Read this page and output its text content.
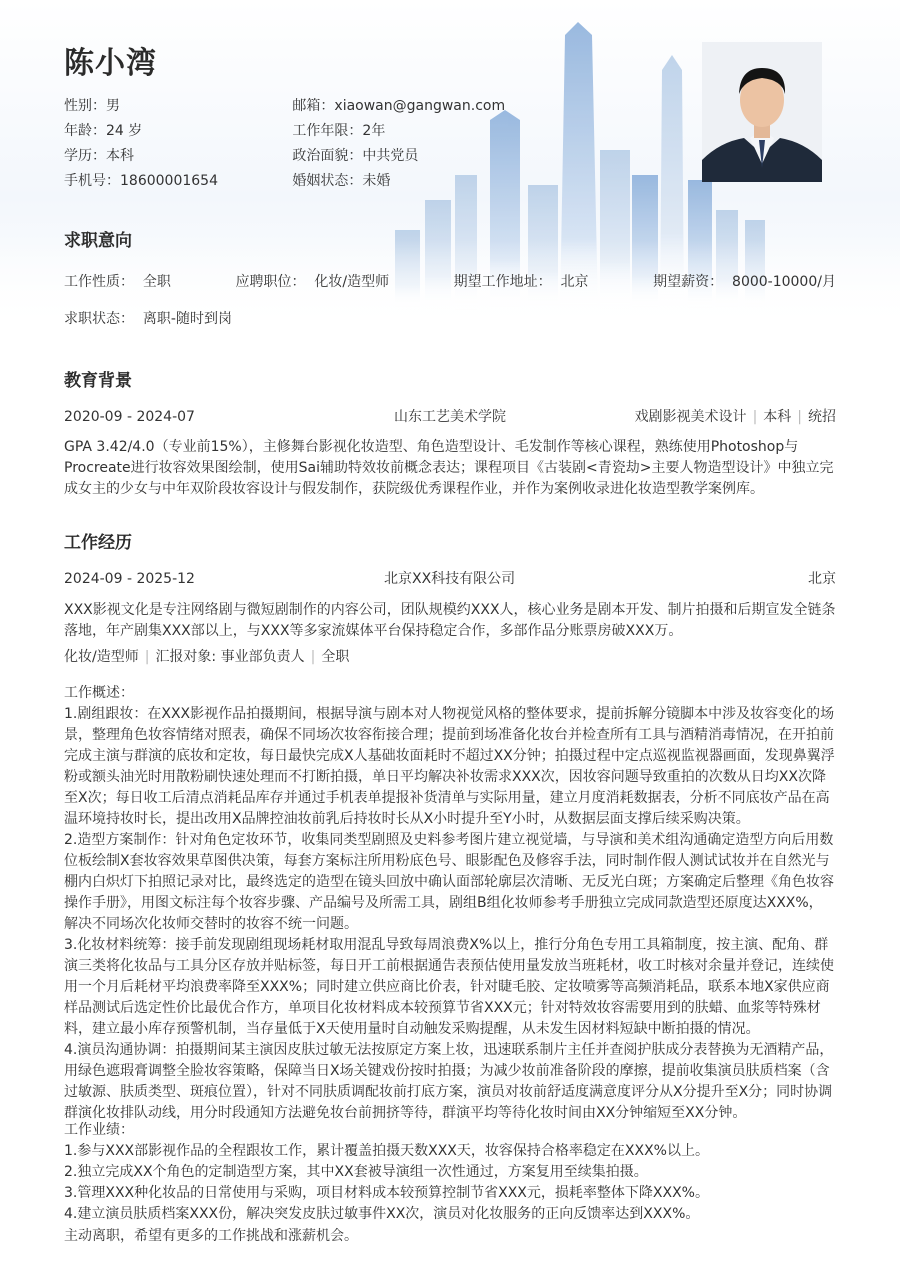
陈小湾
性别：男	邮箱：xiaowan@gangwan.com
年龄：24 岁	工作年限：2年
学历：本科	政治面貌：中共党员
手机号：18600001654	婚姻状态：未婚
求职意向
工作性质： 全职	应聘职位： 化妆/造型师	期望工作地址： 北京	期望薪资： 8000-10000/月
求职状态： 离职-随时到岗
教育背景
2020-09 - 2024-07	山东工艺美术学院	戏剧影视美术设计 | 本科 | 统招
GPA 3.42/4.0（专业前15%），主修舞台影视化妆造型、角色造型设计、毛发制作等核心课程，熟练使用Photoshop与Procreate进行妆容效果图绘制，使用Sai辅助特效妆前概念表达；课程项目《古装剧<青瓷劫>主要人物造型设计》中独立完成女主的少女与中年双阶段妆容设计与假发制作，获院级优秀课程作业，并作为案例收录进化妆造型教学案例库。
工作经历
2024-09 - 2025-12	北京XX科技有限公司	北京
XXX影视文化是专注网络剧与微短剧制作的内容公司，团队规模约XXX人，核心业务是剧本开发、制片拍摄和后期宣发全链条落地，年产剧集XXX部以上，与XXX等多家流媒体平台保持稳定合作，多部作品分账票房破XXX万。
化妆/造型师 | 汇报对象: 事业部负责人 | 全职
工作概述：
1.剧组跟妆：在XXX影视作品拍摄期间，根据导演与剧本对人物视觉风格的整体要求，提前拆解分镜脚本中涉及妆容变化的场景，整理角色妆容情绪对照表，确保不同场次妆容衔接合理；提前到场准备化妆台并检查所有工具与酒精消毒情况，在开拍前完成主演与群演的底妆和定妆，每日最快完成X人基础妆面耗时不超过XX分钟；拍摄过程中定点巡视监视器画面，发现鼻翼浮粉或额头油光时用散粉刷快速处理而不打断拍摄，单日平均解决补妆需求XXX次，因妆容问题导致重拍的次数从日均XX次降至X次；每日收工后清点消耗品库存并通过手机表单提报补货清单与实际用量，建立月度消耗数据表，分析不同底妆产品在高温环境持妆时长，提出改用X品牌控油妆前乳后持妆时长从X小时提升至Y小时，从数据层面支撑后续采购决策。
2.造型方案制作：针对角色定妆环节，收集同类型剧照及史料参考图片建立视觉墙，与导演和美术组沟通确定造型方向后用数位板绘制X套妆容效果草图供决策，每套方案标注所用粉底色号、眼影配色及修容手法，同时制作假人测试试妆并在自然光与棚内白炽灯下拍照记录对比，最终选定的造型在镜头回放中确认面部轮廓层次清晰、无反光白斑；方案确定后整理《角色妆容操作手册》，用图文标注每个妆容步骤、产品编号及所需工具，剧组B组化妆师参考手册独立完成同款造型还原度达XXX%，解决不同场次化妆师交替时的妆容不统一问题。
3.化妆材料统筹：接手前发现剧组现场耗材取用混乱导致每周浪费X%以上，推行分角色专用工具箱制度，按主演、配角、群演三类将化妆品与工具分区存放并贴标签，每日开工前根据通告表预估使用量发放当班耗材，收工时核对余量并登记，连续使用一个月后耗材平均浪费率降至XXX%；同时建立供应商比价表，针对睫毛胶、定妆喷雾等高频消耗品，联系本地X家供应商样品测试后选定性价比最优合作方，单项目化妆材料成本较预算节省XXX元；针对特效妆容需要用到的肤蜡、血浆等特殊材料，建立最小库存预警机制，当存量低于X天使用量时自动触发采购提醒，从未发生因材料短缺中断拍摄的情况。
4.演员沟通协调：拍摄期间某主演因皮肤过敏无法按原定方案上妆，迅速联系制片主任并查阅护肤成分表替换为无酒精产品，用绿色遮瑕膏调整全脸妆容策略，保障当日X场关键戏份按时拍摄；为减少妆前准备阶段的摩擦，提前收集演员肤质档案（含过敏源、肤质类型、斑痕位置），针对不同肤质调配妆前打底方案，演员对妆前舒适度满意度评分从X分提升至X分；同时协调群演化妆排队动线，用分时段通知方法避免妆台前拥挤等待，群演平均等待化妆时间由XX分钟缩短至XX分钟。
工作业绩：
1.参与XXX部影视作品的全程跟妆工作，累计覆盖拍摄天数XXX天，妆容保持合格率稳定在XXX%以上。
2.独立完成XX个角色的定制造型方案，其中XX套被导演组一次性通过，方案复用至续集拍摄。
3.管理XXX种化妆品的日常使用与采购，项目材料成本较预算控制节省XXX元，损耗率整体下降XXX%。
4.建立演员肤质档案XXX份，解决突发皮肤过敏事件XX次，演员对化妆服务的正向反馈率达到XXX%。
主动离职，希望有更多的工作挑战和涨薪机会。
